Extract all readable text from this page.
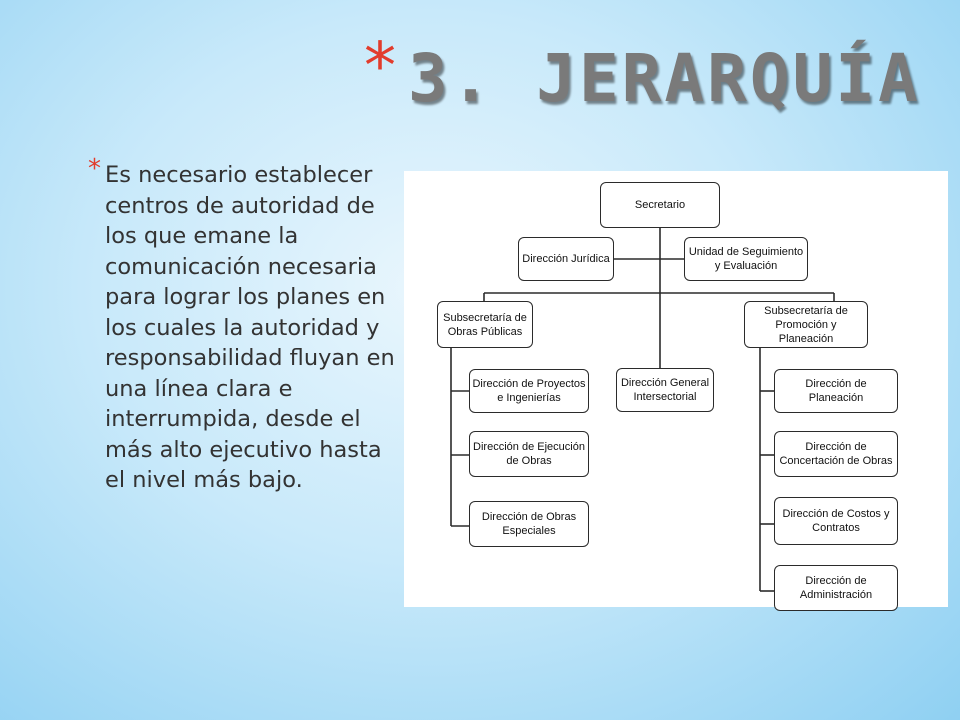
* 3. JERARQUÍA
* Es necesario establecer centros de autoridad de los que emane la comunicación necesaria para lograr los planes en los cuales la autoridad y responsabilidad fluyan en una línea clara e interrumpida, desde el más alto ejecutivo hasta el nivel más bajo.

Secretario
Dirección Jurídica
Unidad de Seguimiento y Evaluación
Subsecretaría de Obras Públicas
Dirección General Intersectorial
Subsecretaría de Promoción y Planeación
Dirección de Proyectos e Ingenierías
Dirección de Ejecución de Obras
Dirección de Obras Especiales
Dirección de Planeación
Dirección de Concertación de Obras
Dirección de Costos y Contratos
Dirección de Administración
